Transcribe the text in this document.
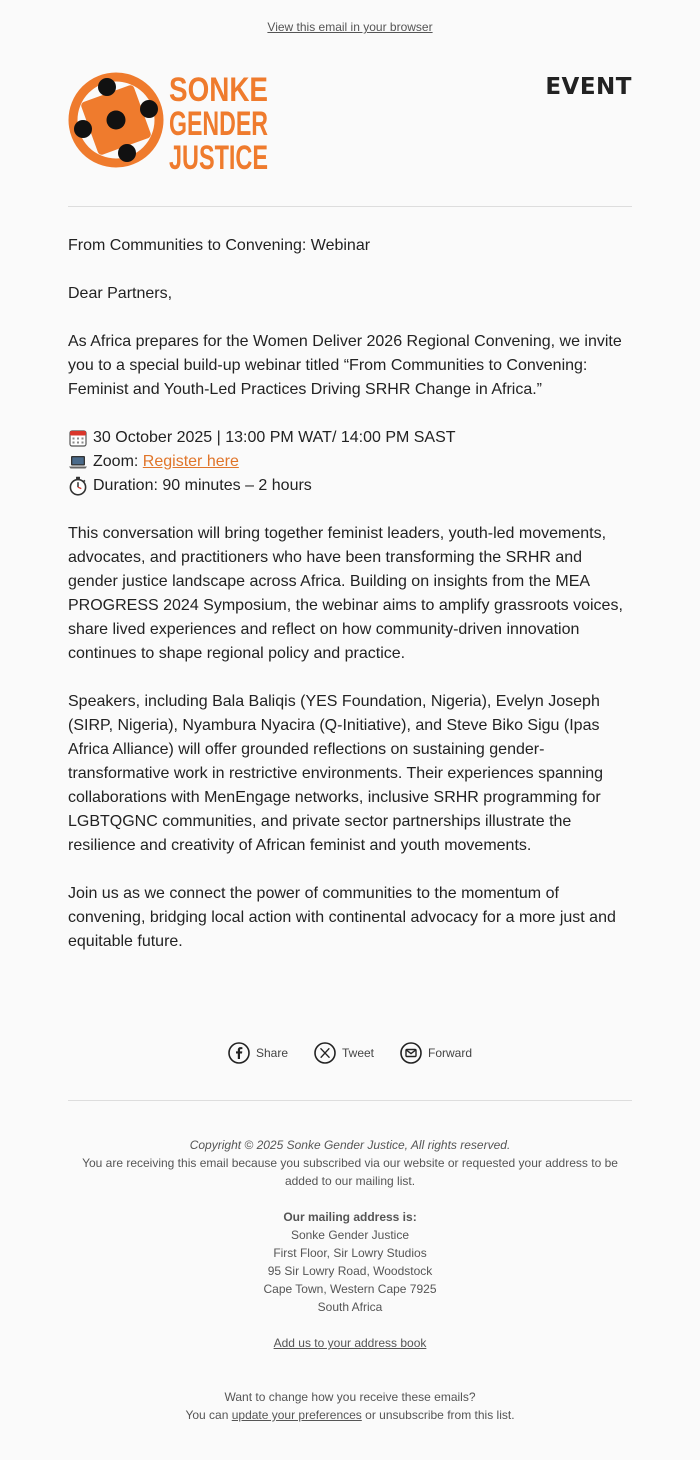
View this email in your browser
SONKE
GENDER
JUSTICE
EVENT

From Communities to Convening: Webinar

Dear Partners,

As Africa prepares for the Women Deliver 2026 Regional Convening, we invite you to a special build-up webinar titled “From Communities to Convening: Feminist and Youth-Led Practices Driving SRHR Change in Africa.”

30 October 2025 | 13:00 PM WAT/ 14:00 PM SAST
Zoom: Register here
Duration: 90 minutes – 2 hours

This conversation will bring together feminist leaders, youth-led movements, advocates, and practitioners who have been transforming the SRHR and gender justice landscape across Africa. Building on insights from the MEA PROGRESS 2024 Symposium, the webinar aims to amplify grassroots voices, share lived experiences and reflect on how community-driven innovation continues to shape regional policy and practice.

Speakers, including Bala Baliqis (YES Foundation, Nigeria), Evelyn Joseph (SIRP, Nigeria), Nyambura Nyacira (Q-Initiative), and Steve Biko Sigu (Ipas Africa Alliance) will offer grounded reflections on sustaining gender-transformative work in restrictive environments. Their experiences spanning collaborations with MenEngage networks, inclusive SRHR programming for LGBTQGNC communities, and private sector partnerships illustrate the resilience and creativity of African feminist and youth movements.

Join us as we connect the power of communities to the momentum of convening, bridging local action with continental advocacy for a more just and equitable future.

Share	Tweet	Forward
Copyright © 2025 Sonke Gender Justice, All rights reserved.
You are receiving this email because you subscribed via our website or requested your address to be added to our mailing list.
Our mailing address is:
Sonke Gender Justice
First Floor, Sir Lowry Studios
95 Sir Lowry Road, Woodstock
Cape Town, Western Cape 7925
South Africa
Add us to your address book
Want to change how you receive these emails?
You can update your preferences or unsubscribe from this list.
